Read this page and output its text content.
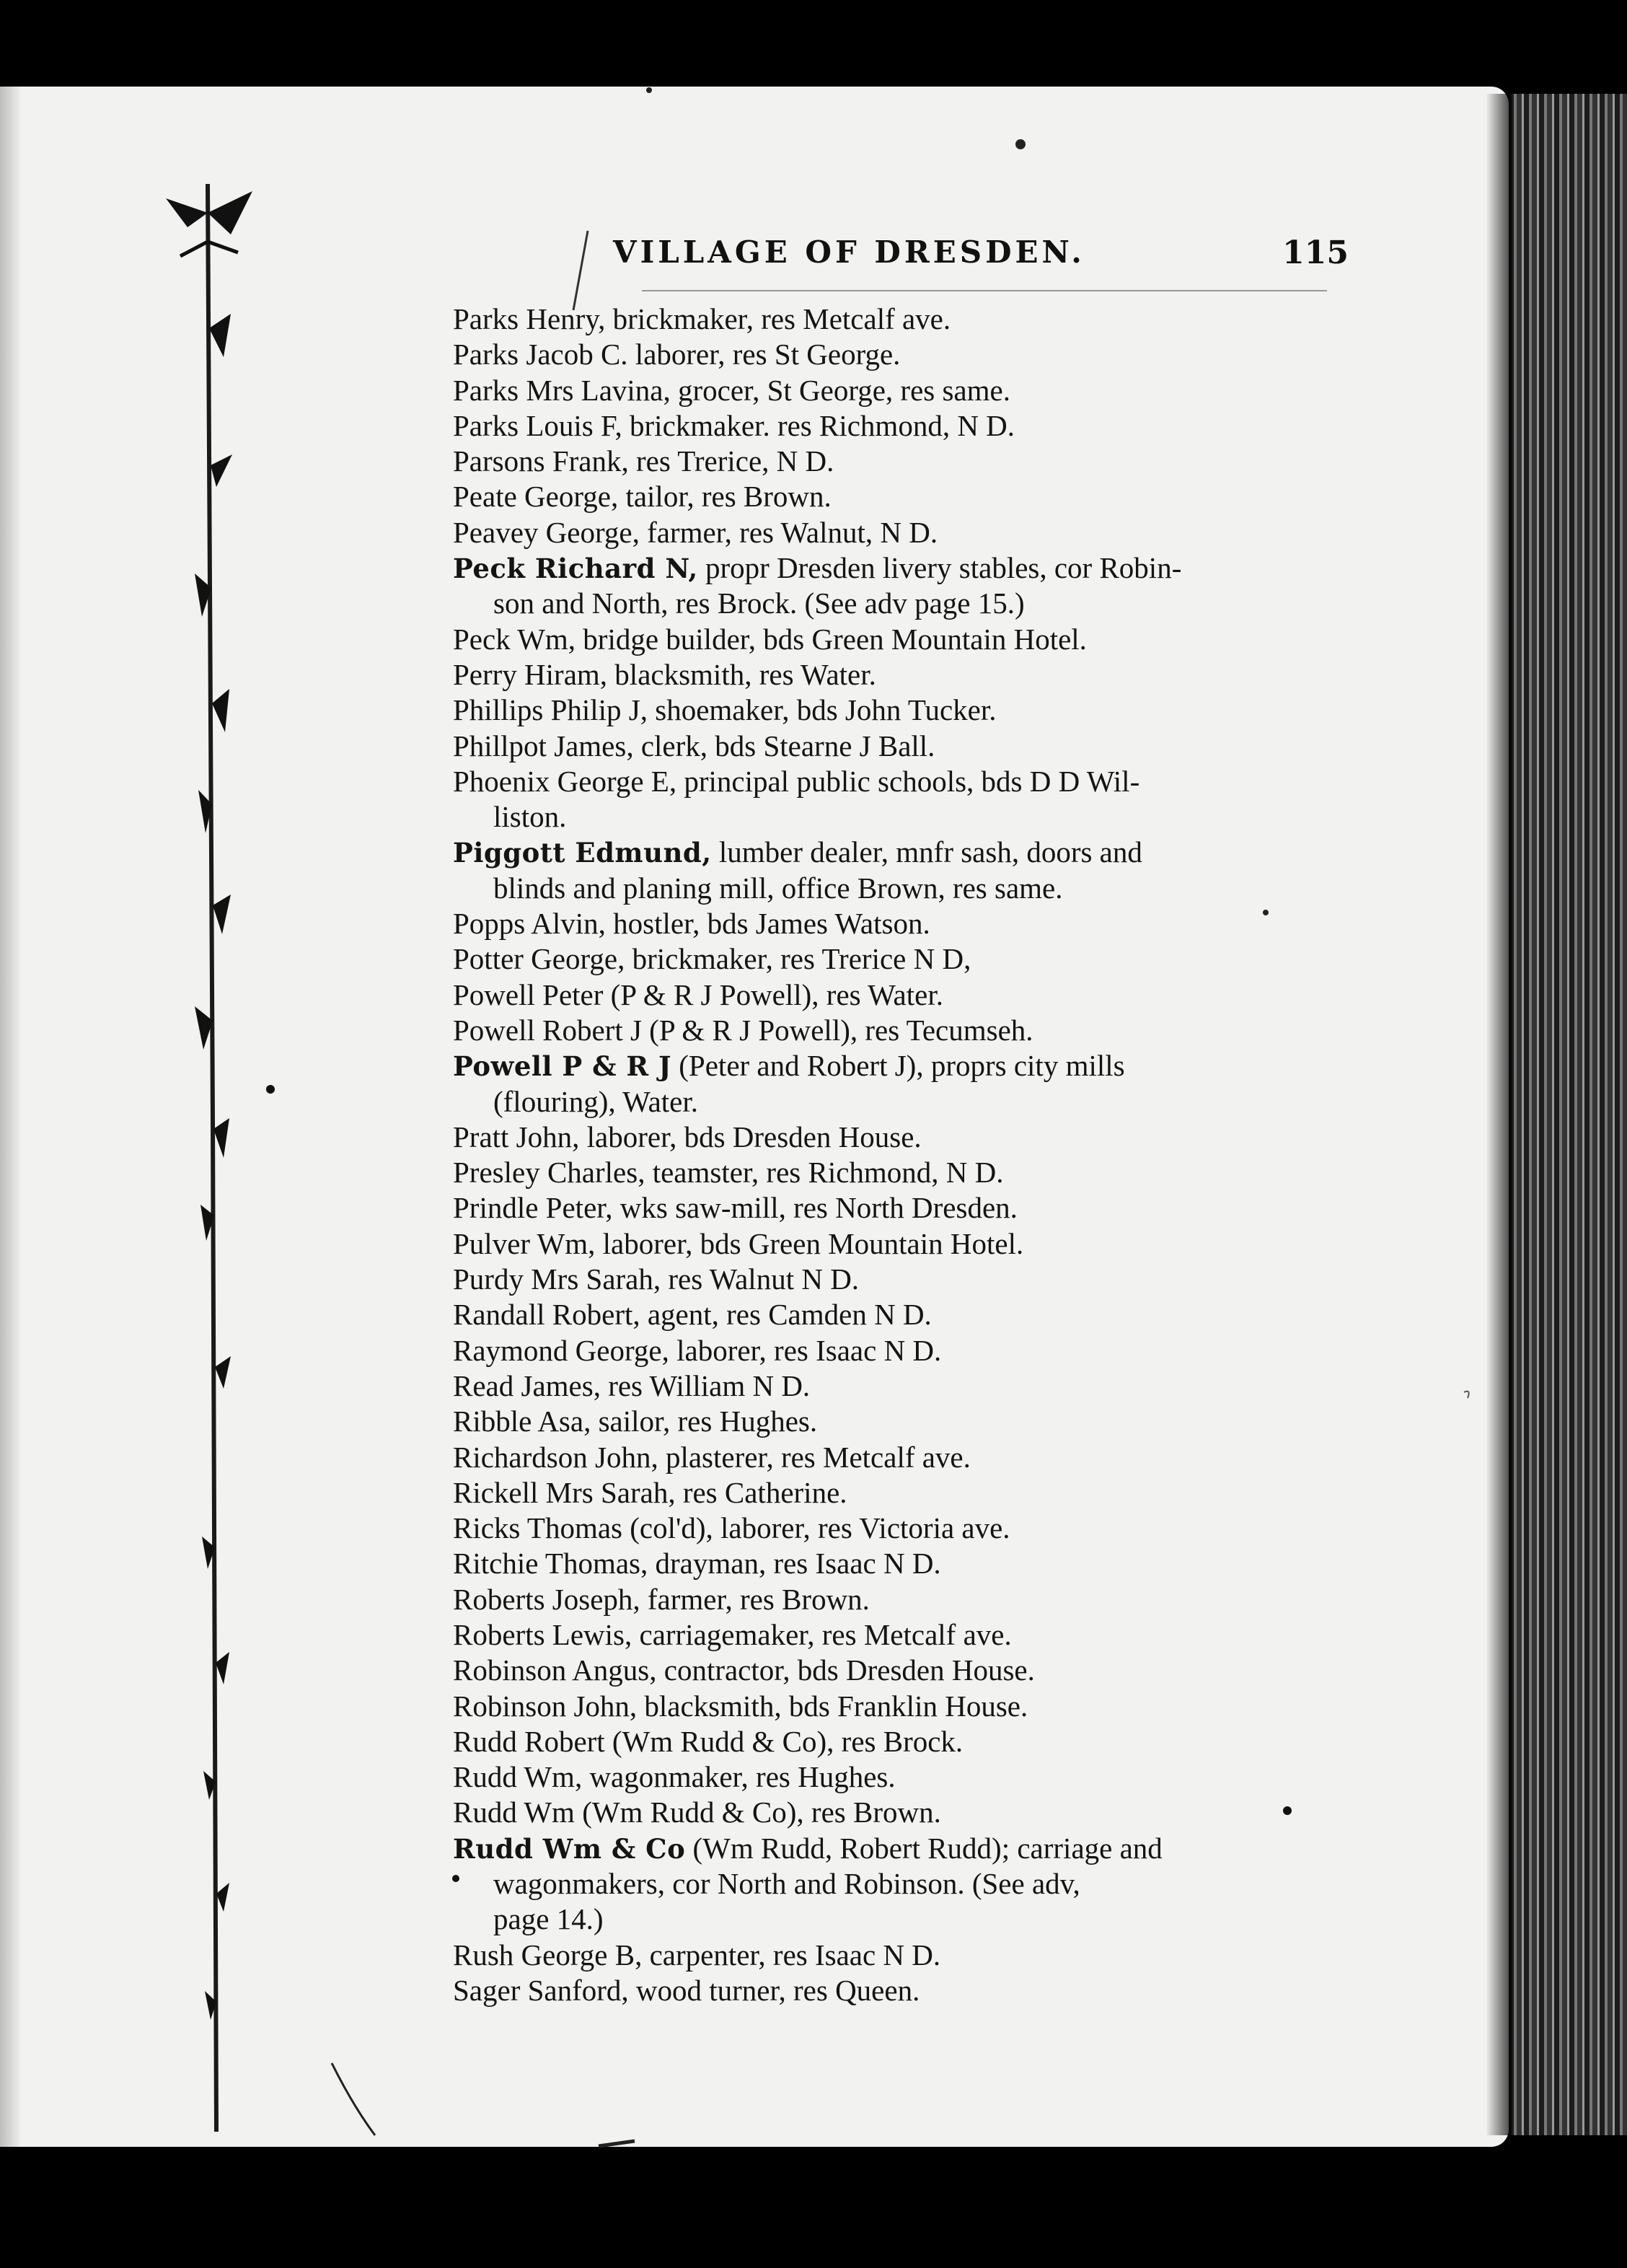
VILLAGE OF DRESDEN.	115
Parks Henry, brickmaker, res Metcalf ave.
Parks Jacob C. laborer, res St George.
Parks Mrs Lavina, grocer, St George, res same.
Parks Louis F, brickmaker. res Richmond, N D.
Parsons Frank, res Trerice, N D.
Peate George, tailor, res Brown.
Peavey George, farmer, res Walnut, N D.
Peck Richard N, propr Dresden livery stables, cor Robin-
son and North, res Brock. (See adv page 15.)
Peck Wm, bridge builder, bds Green Mountain Hotel.
Perry Hiram, blacksmith, res Water.
Phillips Philip J, shoemaker, bds John Tucker.
Phillpot James, clerk, bds Stearne J Ball.
Phoenix George E, principal public schools, bds D D Wil-
liston.
Piggott Edmund, lumber dealer, mnfr sash, doors and
blinds and planing mill, office Brown, res same.
Popps Alvin, hostler, bds James Watson.
Potter George, brickmaker, res Trerice N D,
Powell Peter (P & R J Powell), res Water.
Powell Robert J (P & R J Powell), res Tecumseh.
Powell P & R J (Peter and Robert J), proprs city mills
(flouring), Water.
Pratt John, laborer, bds Dresden House.
Presley Charles, teamster, res Richmond, N D.
Prindle Peter, wks saw-mill, res North Dresden.
Pulver Wm, laborer, bds Green Mountain Hotel.
Purdy Mrs Sarah, res Walnut N D.
Randall Robert, agent, res Camden N D.
Raymond George, laborer, res Isaac N D.
Read James, res William N D.
Ribble Asa, sailor, res Hughes.
Richardson John, plasterer, res Metcalf ave.
Rickell Mrs Sarah, res Catherine.
Ricks Thomas (col'd), laborer, res Victoria ave.
Ritchie Thomas, drayman, res Isaac N D.
Roberts Joseph, farmer, res Brown.
Roberts Lewis, carriagemaker, res Metcalf ave.
Robinson Angus, contractor, bds Dresden House.
Robinson John, blacksmith, bds Franklin House.
Rudd Robert (Wm Rudd & Co), res Brock.
Rudd Wm, wagonmaker, res Hughes.
Rudd Wm (Wm Rudd & Co), res Brown.
Rudd Wm & Co (Wm Rudd, Robert Rudd); carriage and
wagonmakers, cor North and Robinson. (See adv,
page 14.)
Rush George B, carpenter, res Isaac N D.
Sager Sanford, wood turner, res Queen.
